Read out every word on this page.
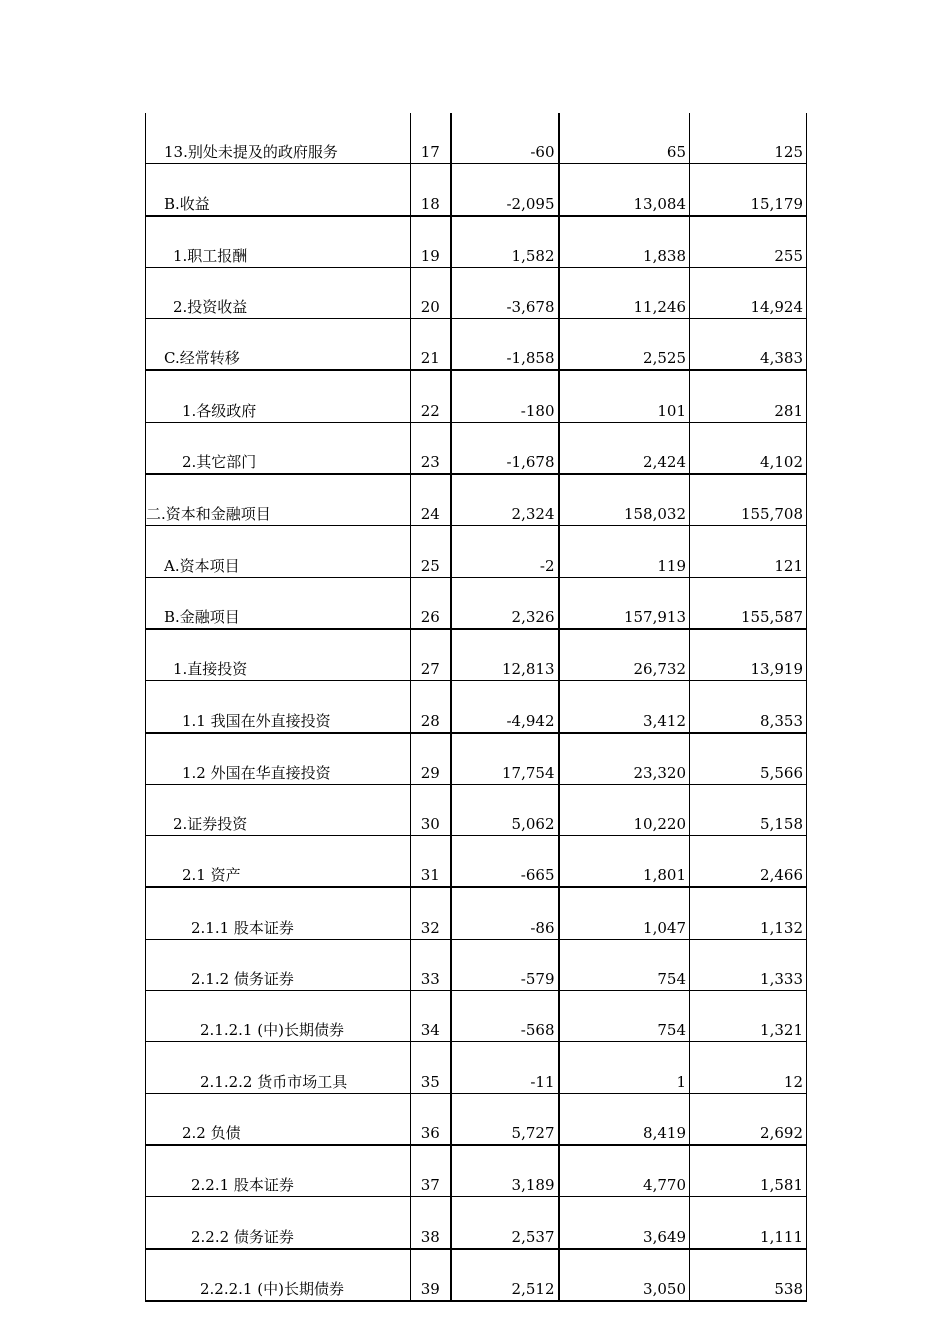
13.别处未提及的政府服务	17	-60	65	125
B.收益	18	-2,095	13,084	15,179
1.职工报酬	19	1,582	1,838	255
2.投资收益	20	-3,678	11,246	14,924
C.经常转移	21	-1,858	2,525	4,383
1.各级政府	22	-180	101	281
2.其它部门	23	-1,678	2,424	4,102
二.资本和金融项目	24	2,324	158,032	155,708
A.资本项目	25	-2	119	121
B.金融项目	26	2,326	157,913	155,587
1.直接投资	27	12,813	26,732	13,919
1.1 我国在外直接投资	28	-4,942	3,412	8,353
1.2 外国在华直接投资	29	17,754	23,320	5,566
2.证券投资	30	5,062	10,220	5,158
2.1 资产	31	-665	1,801	2,466
2.1.1 股本证券	32	-86	1,047	1,132
2.1.2 债务证券	33	-579	754	1,333
2.1.2.1 (中)长期债券	34	-568	754	1,321
2.1.2.2 货币市场工具	35	-11	1	12
2.2 负债	36	5,727	8,419	2,692
2.2.1 股本证券	37	3,189	4,770	1,581
2.2.2 债务证券	38	2,537	3,649	1,111
2.2.2.1 (中)长期债券	39	2,512	3,050	538
